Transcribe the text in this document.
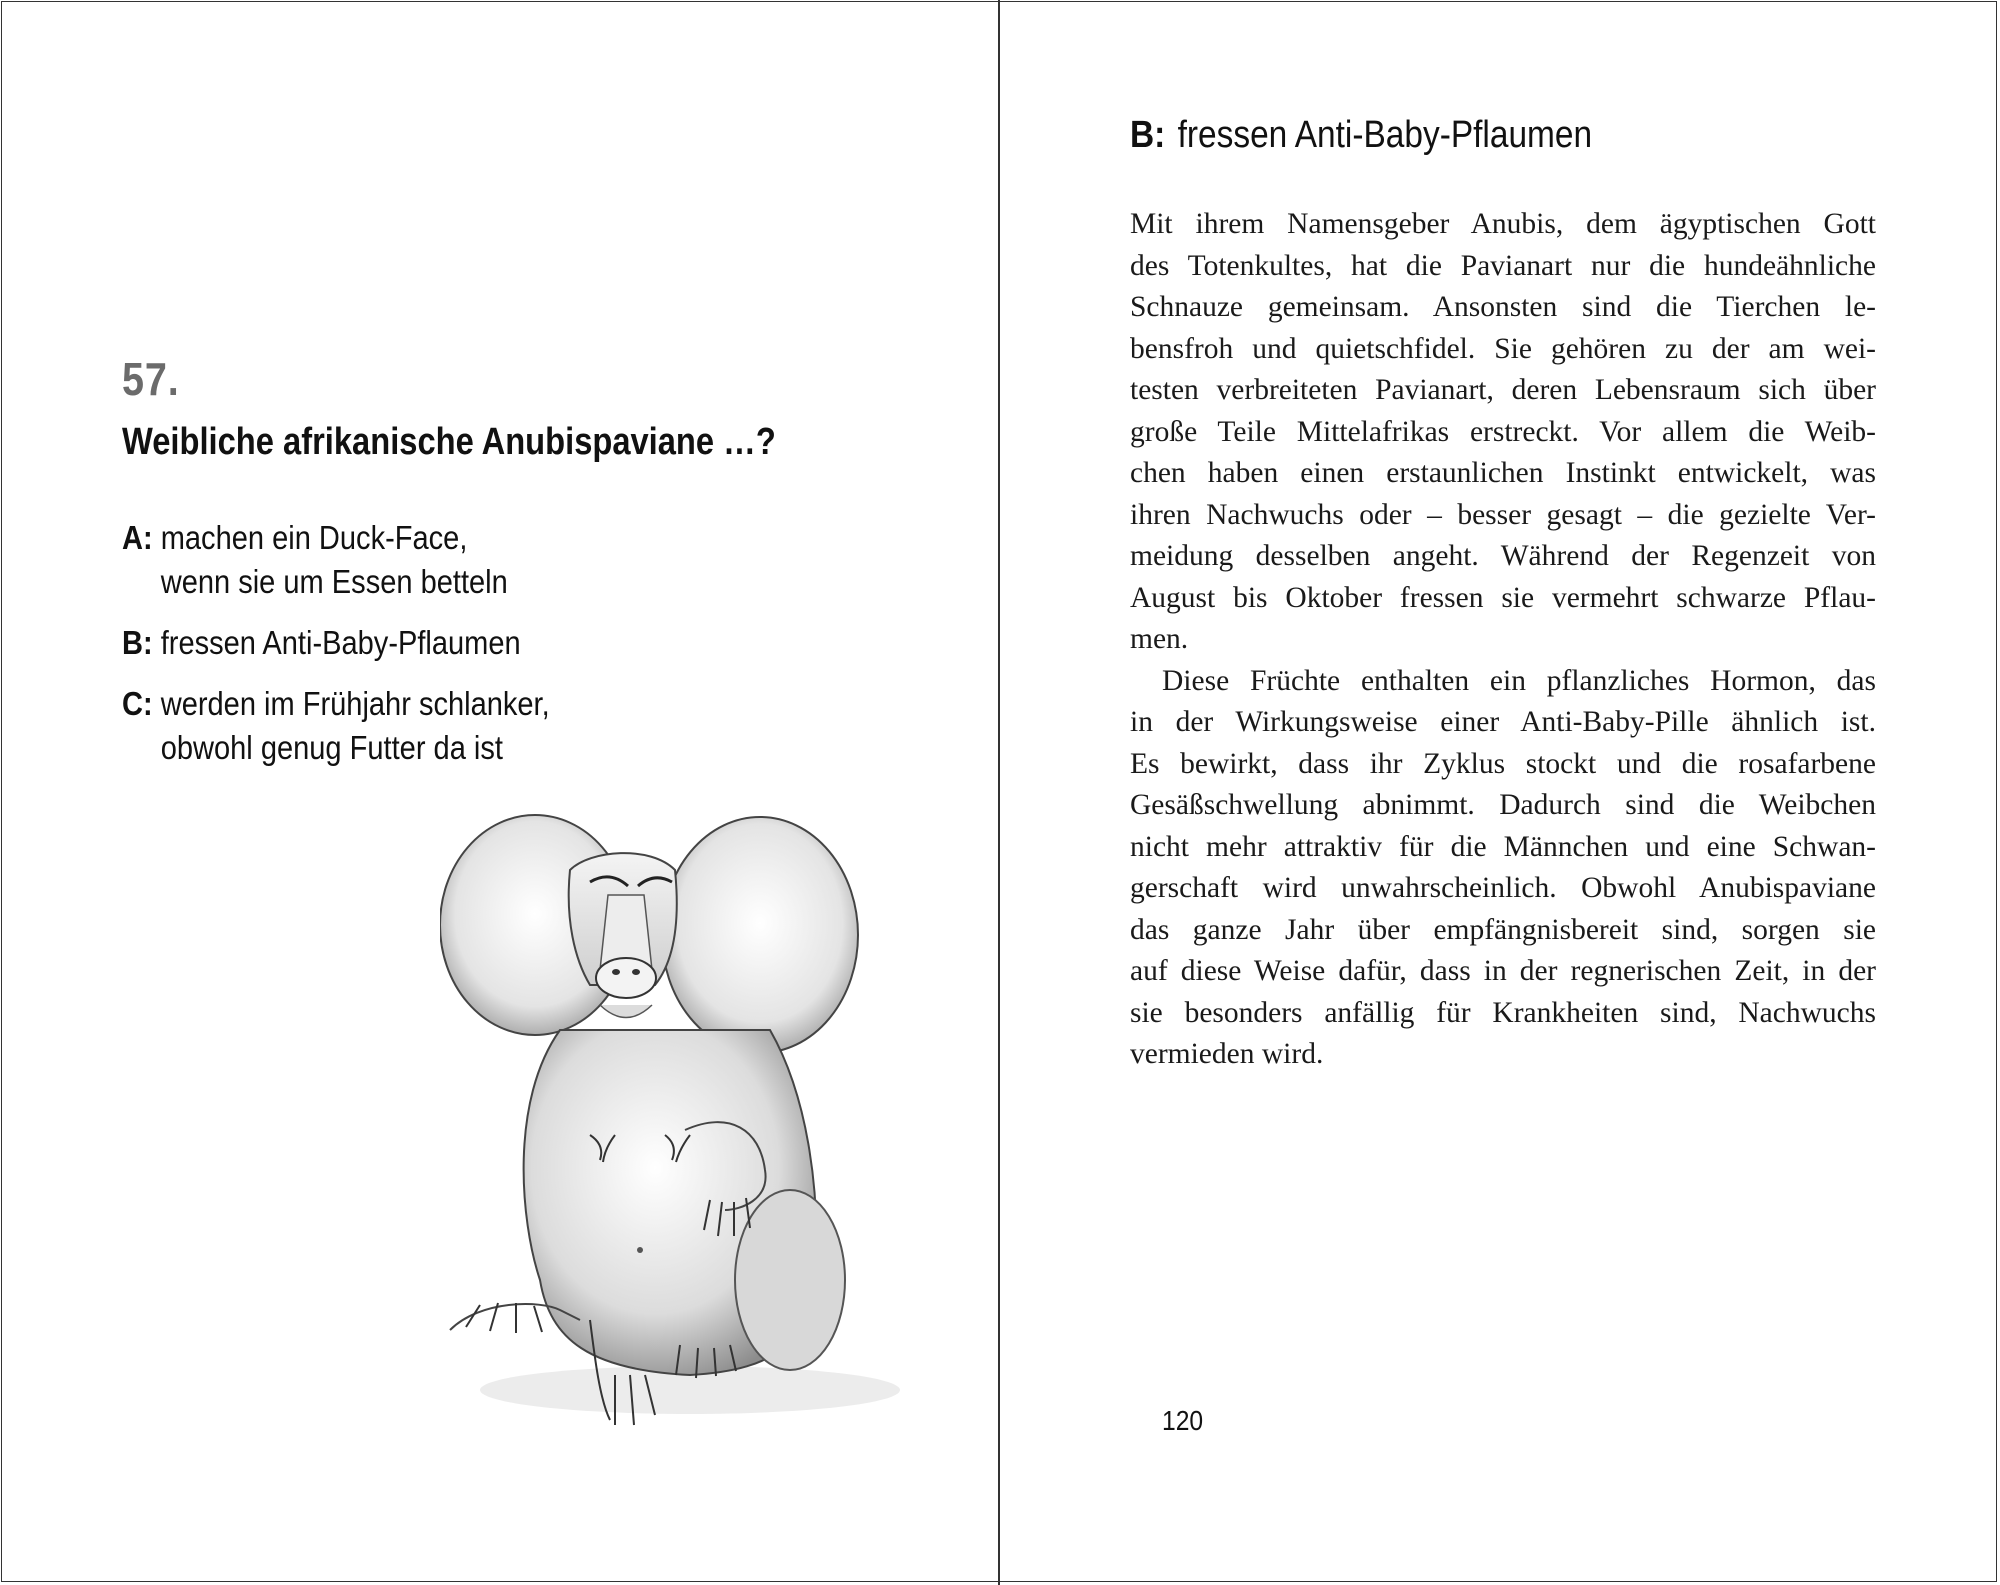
57.
Weibliche afrikanische Anubispaviane …?
A: machen ein Duck-Face,
wenn sie um Essen betteln
B: fressen Anti-Baby-Pflaumen
C: werden im Frühjahr schlanker,
obwohl genug Futter da ist
B: fressen Anti-Baby-Pflaumen
Mit ihrem Namensgeber Anubis, dem ägyptischen Gott
des Totenkultes, hat die Pavianart nur die hundeähnliche
Schnauze gemeinsam. Ansonsten sind die Tierchen le-
bensfroh und quietschfidel. Sie gehören zu der am wei-
testen verbreiteten Pavianart, deren Lebensraum sich über
große Teile Mittelafrikas erstreckt. Vor allem die Weib-
chen haben einen erstaunlichen Instinkt entwickelt, was
ihren Nachwuchs oder – besser gesagt – die gezielte Ver-
meidung desselben angeht. Während der Regenzeit von
August bis Oktober fressen sie vermehrt schwarze Pflau-
men.
Diese Früchte enthalten ein pflanzliches Hormon, das
in der Wirkungsweise einer Anti-Baby-Pille ähnlich ist.
Es bewirkt, dass ihr Zyklus stockt und die rosafarbene
Gesäßschwellung abnimmt. Dadurch sind die Weibchen
nicht mehr attraktiv für die Männchen und eine Schwan-
gerschaft wird unwahrscheinlich. Obwohl Anubispaviane
das ganze Jahr über empfängnisbereit sind, sorgen sie
auf diese Weise dafür, dass in der regnerischen Zeit, in der
sie besonders anfällig für Krankheiten sind, Nachwuchs
vermieden wird.
120
